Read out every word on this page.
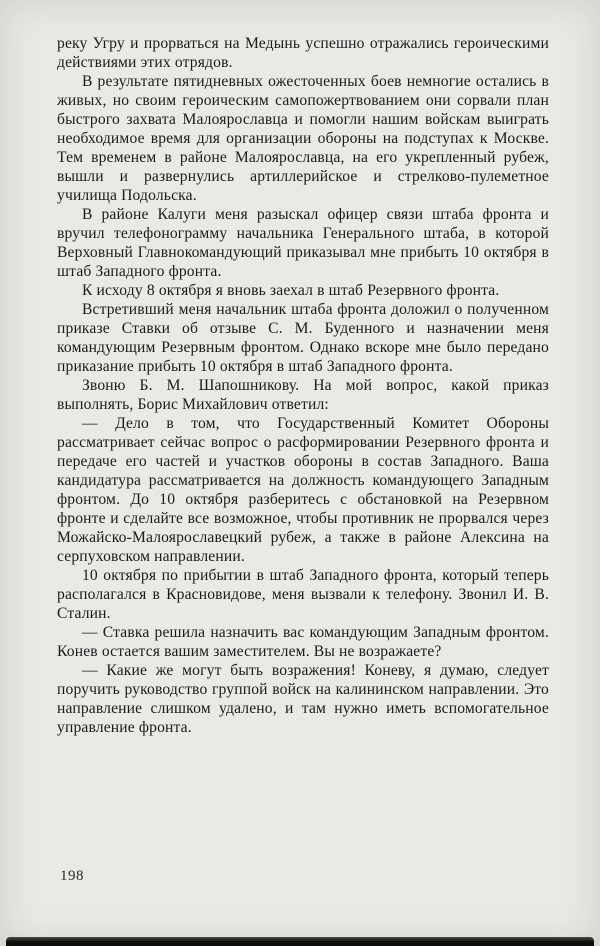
реку Угру и прорваться на Медынь успешно отражались героическими действиями этих отрядов.

В результате пятидневных ожесточенных боев немногие остались в живых, но своим героическим самопожертвованием они сорвали план быстрого захвата Малоярославца и помогли нашим войскам выиграть необходимое время для организации обороны на подступах к Москве. Тем временем в районе Малоярославца, на его укрепленный рубеж, вышли и развернулись артиллерийское и стрелково-пулеметное училища Подольска.

В районе Калуги меня разыскал офицер связи штаба фронта и вручил телефонограмму начальника Генерального штаба, в которой Верховный Главнокомандующий приказывал мне прибыть 10 октября в штаб Западного фронта.

К исходу 8 октября я вновь заехал в штаб Резервного фронта.

Встретивший меня начальник штаба фронта доложил о полученном приказе Ставки об отзыве С. М. Буденного и назначении меня командующим Резервным фронтом. Однако вскоре мне было передано приказание прибыть 10 октября в штаб Западного фронта.

Звоню Б. М. Шапошникову. На мой вопрос, какой приказ выполнять, Борис Михайлович ответил:

— Дело в том, что Государственный Комитет Обороны рассматривает сейчас вопрос о расформировании Резервного фронта и передаче его частей и участков обороны в состав Западного. Ваша кандидатура рассматривается на должность командующего Западным фронтом. До 10 октября разберитесь с обстановкой на Резервном фронте и сделайте все возможное, чтобы противник не прорвался через Можайско-Малоярославецкий рубеж, а также в районе Алексина на серпуховском направлении.

10 октября по прибытии в штаб Западного фронта, который теперь располагался в Красновидове, меня вызвали к телефону. Звонил И. В. Сталин.

— Ставка решила назначить вас командующим Западным фронтом. Конев остается вашим заместителем. Вы не возражаете?

— Какие же могут быть возражения! Коневу, я думаю, следует поручить руководство группой войск на калининском направлении. Это направление слишком удалено, и там нужно иметь вспомогательное управление фронта.

198
